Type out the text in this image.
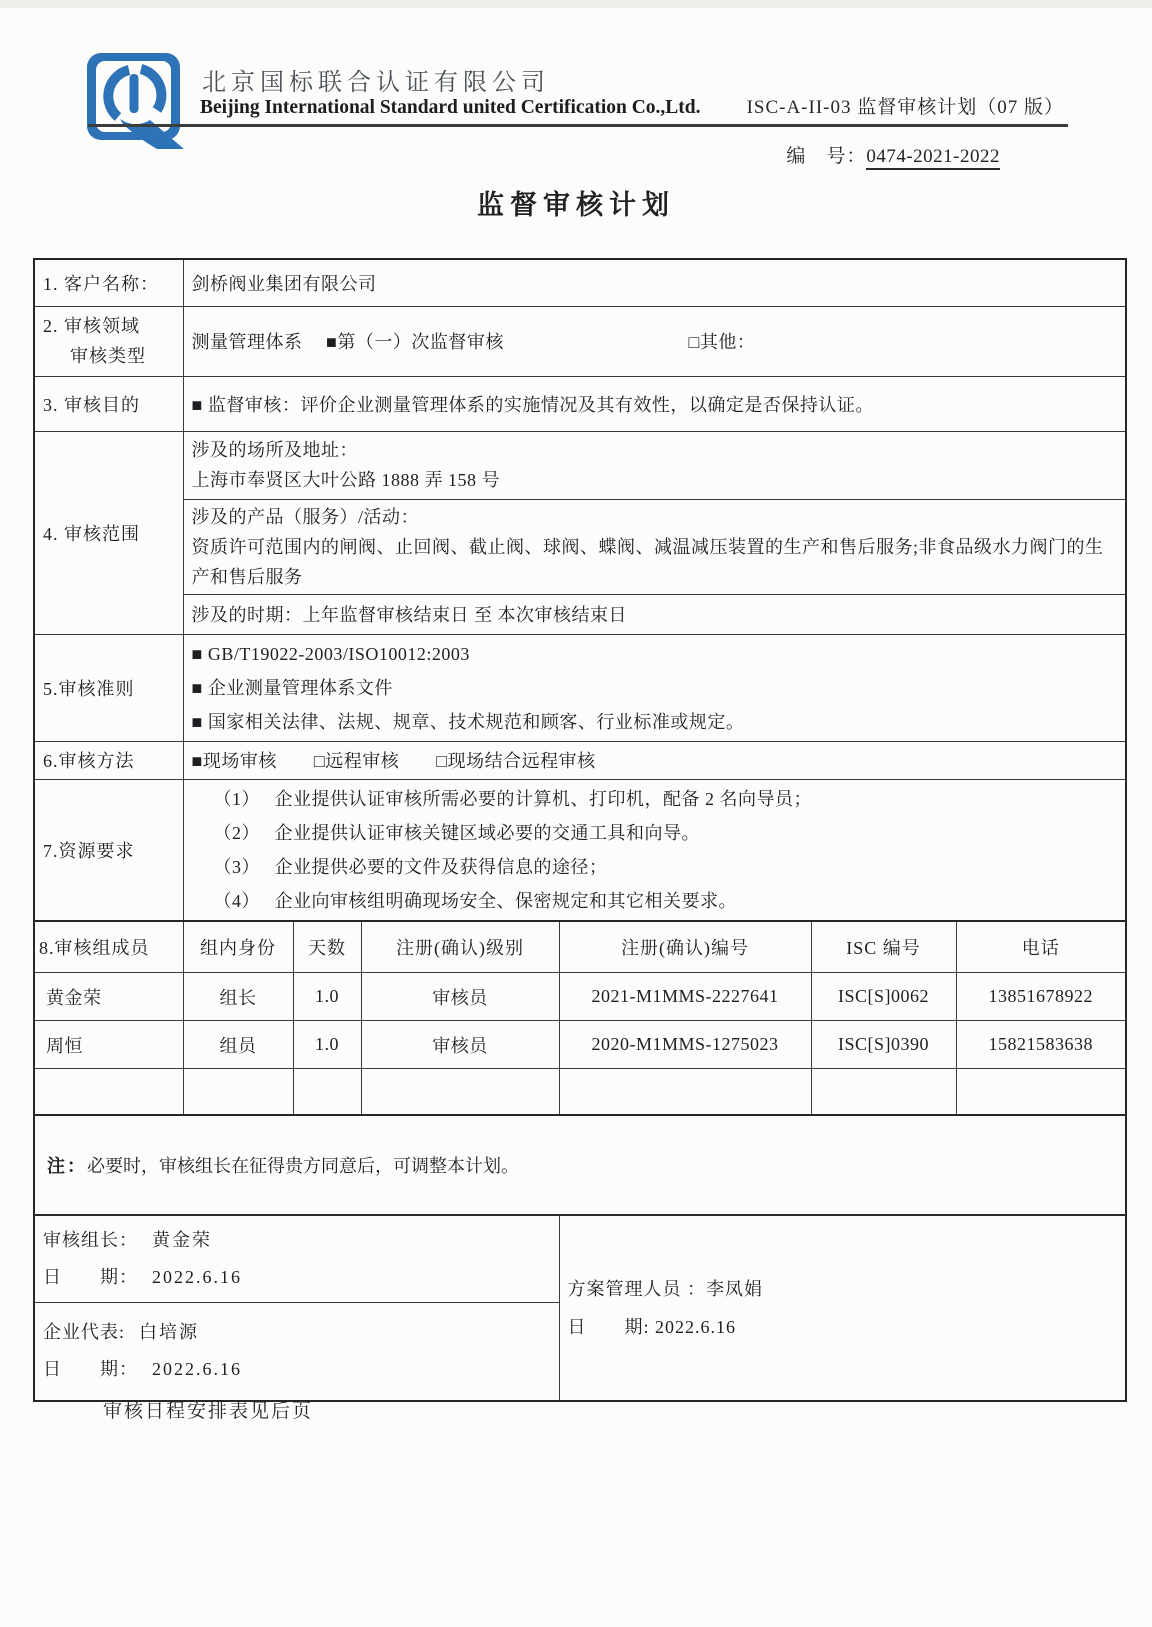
北京国标联合认证有限公司
Beijing International Standard united Certification Co.,Ltd. ISC-A-II-03 监督审核计划（07 版）
编　号：0474-2021-2022
监督审核计划
1. 客户名称：	剑桥阀业集团有限公司					

2. 审核领域
审核类型
	测量管理体系　 ■第（一）次监督审核	□其他：

3. 审核目的	■ 监督审核：评价企业测量管理体系的实施情况及其有效性，以确定是否保持认证。					
4. 审核范围	涉及的场所及地址：
上海市奉贤区大叶公路 1888 弄 158 号					

	涉及的产品（服务）/活动：
资质许可范围内的闸阀、止回阀、截止阀、球阀、蝶阀、减温减压装置的生产和售后服务;非食品级水力阀门的生产和售后服务					

	涉及的时期：上年监督审核结束日 至 本次审核结束日					
5.审核准则	■ GB/T19022-2003/ISO10012:2003
■ 企业测量管理体系文件
■ 国家相关法律、法规、规章、技术规范和顾客、行业标准或规定。					

6.审核方法	■现场审核　　□远程审核　　□现场结合远程审核					
7.资源要求	（1）　 企业提供认证审核所需必要的计算机、打印机，配备 2 名向导员；
（2）　 企业提供认证审核关键区域必要的交通工具和向导。
（3）　 企业提供必要的文件及获得信息的途径；
（4）　 企业向审核组明确现场安全、保密规定和其它相关要求。					

8.审核组成员	组内身份	天数	注册(确认)级别	注册(确认)编号	ISC 编号	电话
黄金荣	组长	1.0	审核员	2021-M1MMS-2227641	ISC[S]0062	13851678922
周恒	组员	1.0	审核员	2020-M1MMS-1275023	ISC[S]0390	15821583638

注：必要时，审核组长在征得贵方同意后，可调整本计划。						

审核组长： 黄金荣
日　　期： 2022.6.16

方案管理人员 ：李凤娟
日　　期: 2022.6.16

企业代表: 白培源
日　　期： 2022.6.16						
审核日程安排表见后页
